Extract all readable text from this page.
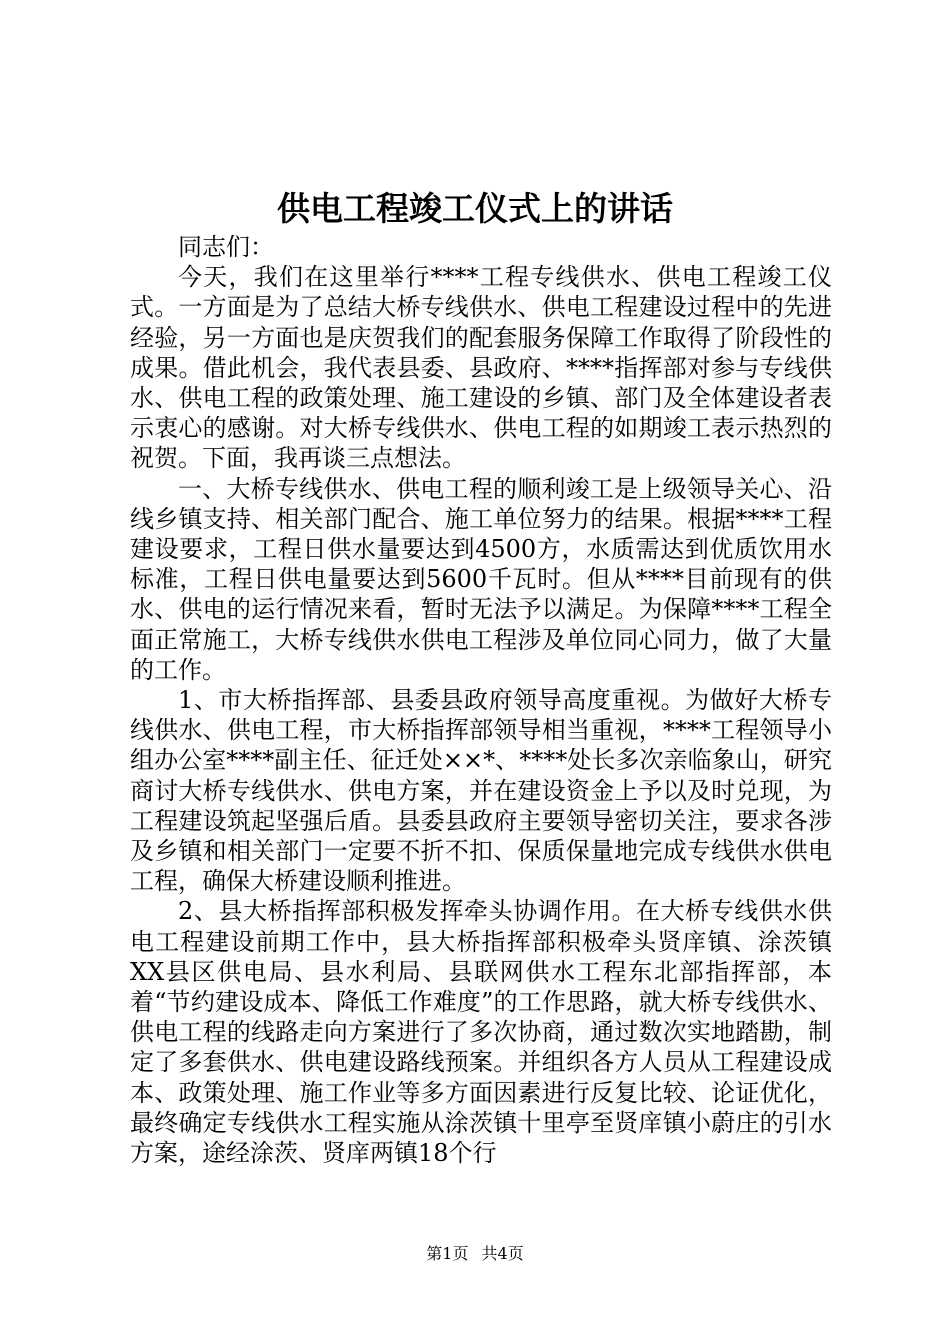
供电工程竣工仪式上的讲话

同志们：

今天，我们在这里举行****工程专线供水、供电工程竣工仪式。一方面是为了总结大桥专线供水、供电工程建设过程中的先进经验，另一方面也是庆贺我们的配套服务保障工作取得了阶段性的成果。借此机会，我代表县委、县政府、****指挥部对参与专线供水、供电工程的政策处理、施工建设的乡镇、部门及全体建设者表示衷心的感谢。对大桥专线供水、供电工程的如期竣工表示热烈的祝贺。下面，我再谈三点想法。

一、大桥专线供水、供电工程的顺利竣工是上级领导关心、沿线乡镇支持、相关部门配合、施工单位努力的结果。根据****工程建设要求，工程日供水量要达到4500方，水质需达到优质饮用水标准，工程日供电量要达到5600千瓦时。但从****目前现有的供水、供电的运行情况来看，暂时无法予以满足。为保障****工程全面正常施工，大桥专线供水供电工程涉及单位同心同力，做了大量的工作。

1、市大桥指挥部、县委县政府领导高度重视。为做好大桥专线供水、供电工程，市大桥指挥部领导相当重视，****工程领导小组办公室****副主任、征迁处××*、****处长多次亲临象山，研究商讨大桥专线供水、供电方案，并在建设资金上予以及时兑现，为工程建设筑起坚强后盾。县委县政府主要领导密切关注，要求各涉及乡镇和相关部门一定要不折不扣、保质保量地完成专线供水供电工程，确保大桥建设顺利推进。

2、县大桥指挥部积极发挥牵头协调作用。在大桥专线供水供电工程建设前期工作中，县大桥指挥部积极牵头贤庠镇、涂茨镇XX县区供电局、县水利局、县联网供水工程东北部指挥部，本着“节约建设成本、降低工作难度”的工作思路，就大桥专线供水、供电工程的线路走向方案进行了多次协商，通过数次实地踏勘，制定了多套供水、供电建设路线预案。并组织各方人员从工程建设成本、政策处理、施工作业等多方面因素进行反复比较、论证优化，最终确定专线供水工程实施从涂茨镇十里亭至贤庠镇小蔚庄的引水方案，途经涂茨、贤庠两镇18个行

第1页 共4页
